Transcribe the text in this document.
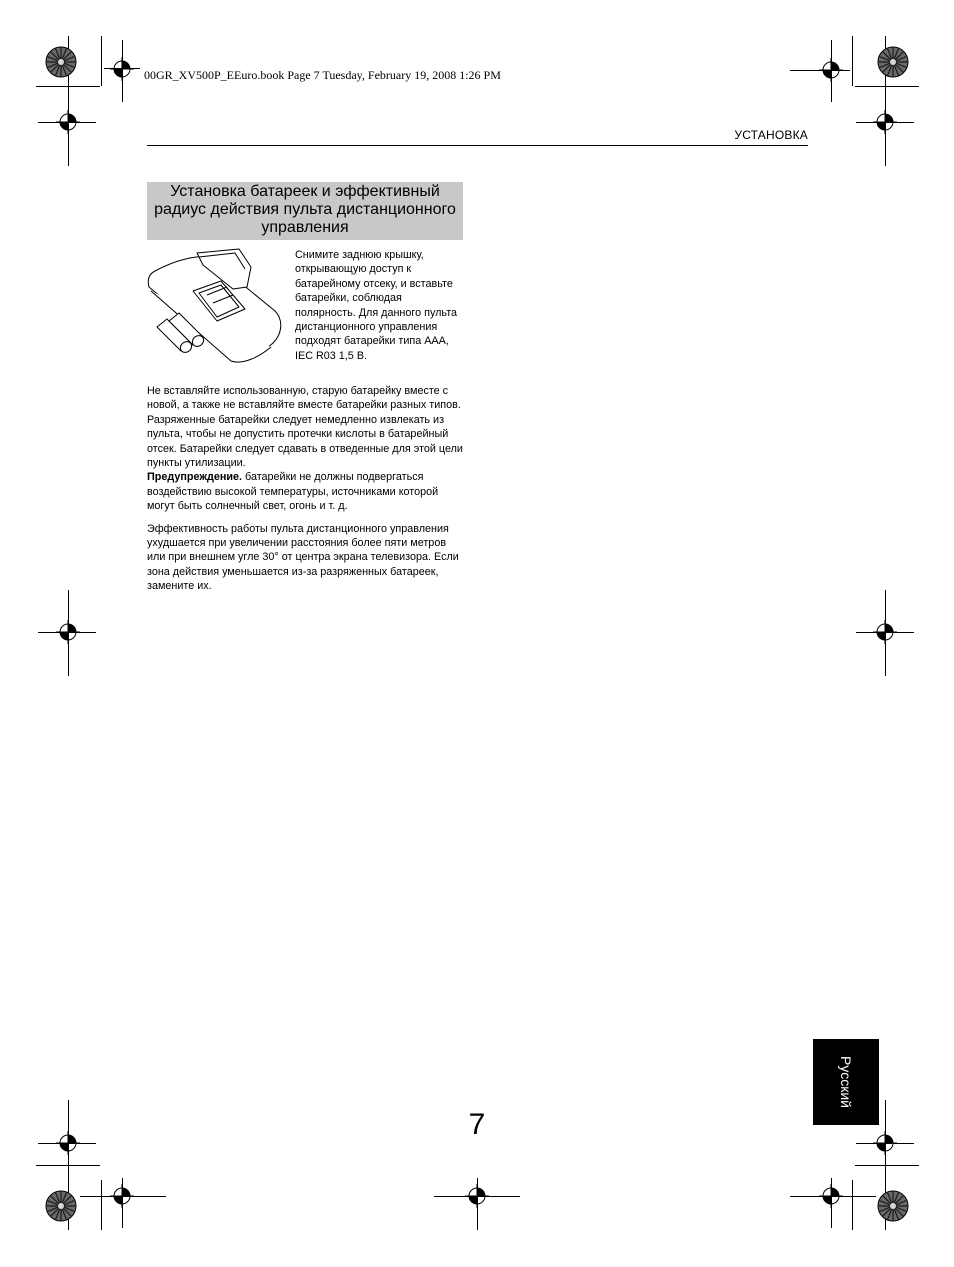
00GR_XV500P_EEuro.book Page 7 Tuesday, February 19, 2008 1:26 PM
УСТАНОВКА
Установка батареек и эффективный радиус действия пульта дистанционного управления
Снимите заднюю крышку, открывающую доступ к батарейному отсеку, и вставьте батарейки, соблюдая полярность. Для данного пульта дистанционного управления подходят батарейки типа AAA, IEC R03 1,5 В.

Не вставляйте использованную, старую батарейку вместе с новой, а также не вставляйте вместе батарейки разных типов. Разряженные батарейки следует немедленно извлекать из пульта, чтобы не допустить протечки кислоты в батарейный отсек. Батарейки следует сдавать в отведенные для этой цели пункты утилизации.

Предупреждение. батарейки не должны подвергаться воздействию высокой температуры, источниками которой могут быть солнечный свет, огонь и т. д.

Эффективность работы пульта дистанционного управления ухудшается при увеличении расстояния более пяти метров или при внешнем угле 30° от центра экрана телевизора. Если зона действия уменьшается из-за разряженных батареек, замените их.

7
Русский
